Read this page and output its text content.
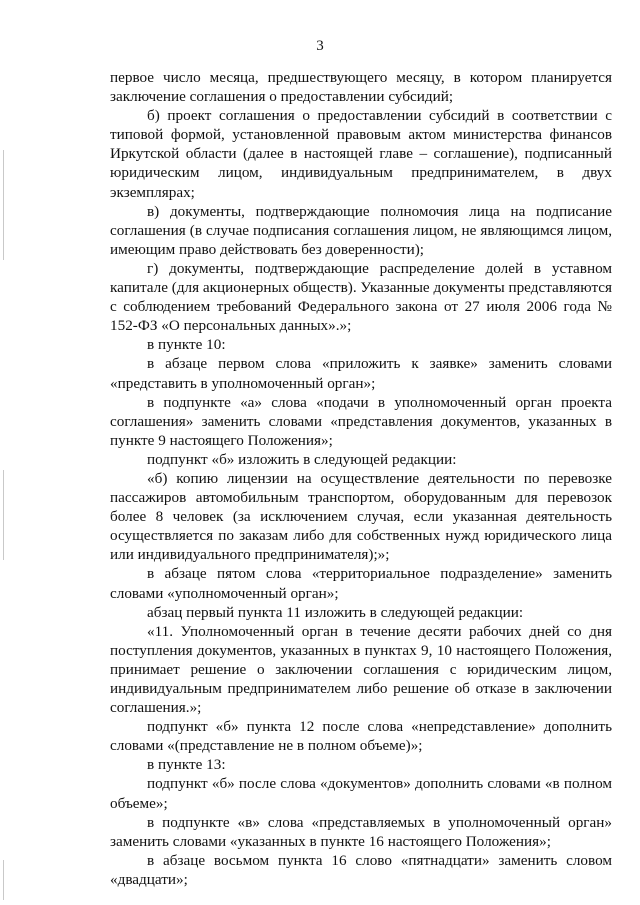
3

первое число месяца, предшествующего месяцу, в котором планируется заключение соглашения о предоставлении субсидий;

б) проект соглашения о предоставлении субсидий в соответствии с типовой формой, установленной правовым актом министерства финансов Иркутской области (далее в настоящей главе – соглашение), подписанный юридическим лицом, индивидуальным предпринимателем, в двух экземплярах;

в) документы, подтверждающие полномочия лица на подписание соглашения (в случае подписания соглашения лицом, не являющимся лицом, имеющим право действовать без доверенности);

г) документы, подтверждающие распределение долей в уставном капитале (для акционерных обществ). Указанные документы представляются с соблюдением требований Федерального закона от 27 июля 2006 года № 152-ФЗ «О персональных данных».»;

в пункте 10:

в абзаце первом слова «приложить к заявке» заменить словами «представить в уполномоченный орган»;

в подпункте «а» слова «подачи в уполномоченный орган проекта соглашения» заменить словами «представления документов, указанных в пункте 9 настоящего Положения»;

подпункт «б» изложить в следующей редакции:

«б) копию лицензии на осуществление деятельности по перевозке пассажиров автомобильным транспортом, оборудованным для перевозок более 8 человек (за исключением случая, если указанная деятельность осуществляется по заказам либо для собственных нужд юридического лица или индивидуального предпринимателя);»;

в абзаце пятом слова «территориальное подразделение» заменить словами «уполномоченный орган»;

абзац первый пункта 11 изложить в следующей редакции:

«11. Уполномоченный орган в течение десяти рабочих дней со дня поступления документов, указанных в пунктах 9, 10 настоящего Положения, принимает решение о заключении соглашения с юридическим лицом, индивидуальным предпринимателем либо решение об отказе в заключении соглашения.»;

подпункт «б» пункта 12 после слова «непредставление» дополнить словами «(представление не в полном объеме)»;

в пункте 13:

подпункт «б» после слова «документов» дополнить словами «в полном объеме»;

в подпункте «в» слова «представляемых в уполномоченный орган» заменить словами «указанных в пункте 16 настоящего Положения»;

в абзаце восьмом пункта 16 слово «пятнадцати» заменить словом «двадцати»;
